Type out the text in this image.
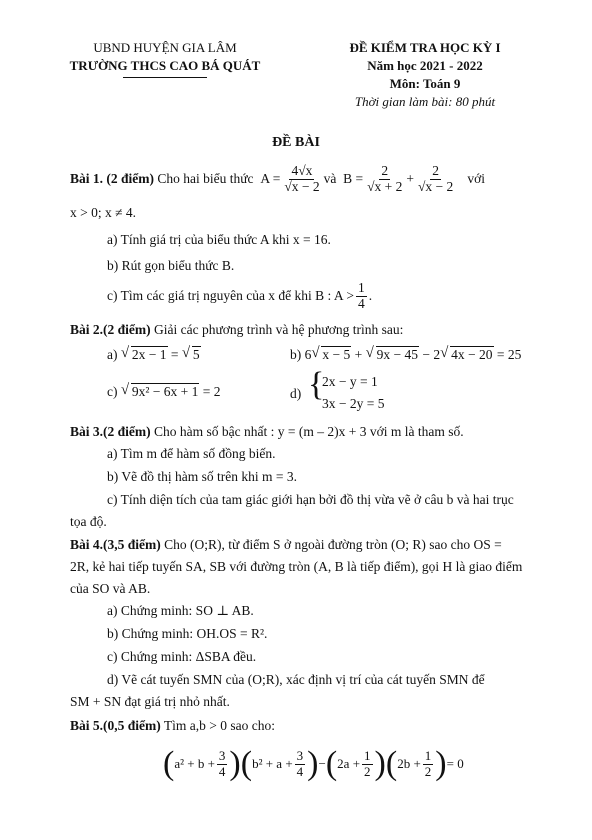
UBND HUYỆN GIA LÂM
TRƯỜNG THCS CAO BÁ QUÁT
ĐỀ KIỂM TRA HỌC KỲ I
Năm học 2021 - 2022
Môn: Toán 9
Thời gian làm bài: 80 phút
ĐỀ BÀI
Bài 1. (2 điểm)
Cho hai biểu thức
$A = \frac{4√x}{√x - 2}$ và
$B = \frac{2}{√x + 2} + \frac{2}{√x - 2}$
với
x > 0; x ≠ 4.
a) Tính giá trị của biểu thức A khi x = 16.
b) Rút gọn biểu thức B.
c) Tìm các giá trị nguyên của x để khi B : $A > \frac{1}{4}$ .
Bài 2.(2 điểm) Giải các phương trình và hệ phương trình sau:
a) √ 2x − 1 = √ 5	b) 6 √ x − 5 + √ 9x − 45 − 2 √ 4x − 20 = 25
c) √ 9x² − 6x + 1 = 2	d) {
2x − y = 1
3x − 2y = 5
Bài 3.(2 điểm) Cho hàm số bậc nhất : y = (m – 2)x + 3 với m là tham số.
a) Tìm m để hàm số đồng biến.
b) Vẽ đồ thị hàm số trên khi m = 3.
c) Tính diện tích của tam giác giới hạn bởi đồ thị vừa vẽ ở câu b và hai trục
tọa độ.
Bài 4.(3,5 điểm) Cho (O;R), từ điểm S ở ngoài đường tròn (O; R) sao cho OS =
2R, kẻ hai tiếp tuyến SA, SB với đường tròn (A, B là tiếp điểm), gọi H là giao điểm
của SO và AB.
a) Chứng minh: SO ⊥ AB.
b) Chứng minh: OH.OS = R².
c) Chứng minh: ΔSBA đều.
d) Vẽ cát tuyến SMN của (O;R), xác định vị trí của cát tuyến SMN để
SM + SN đạt giá trị nhỏ nhất.
Bài 5.(0,5 điểm) Tìm a,b > 0 sao cho:
( $a^2 + b + \frac{3}{4}$ ) ( $b^2 + a + \frac{3}{4}$ ) − ( $2a + \frac{1}{2}$ ) ( $2b + \frac{1}{2}$ ) = 0
